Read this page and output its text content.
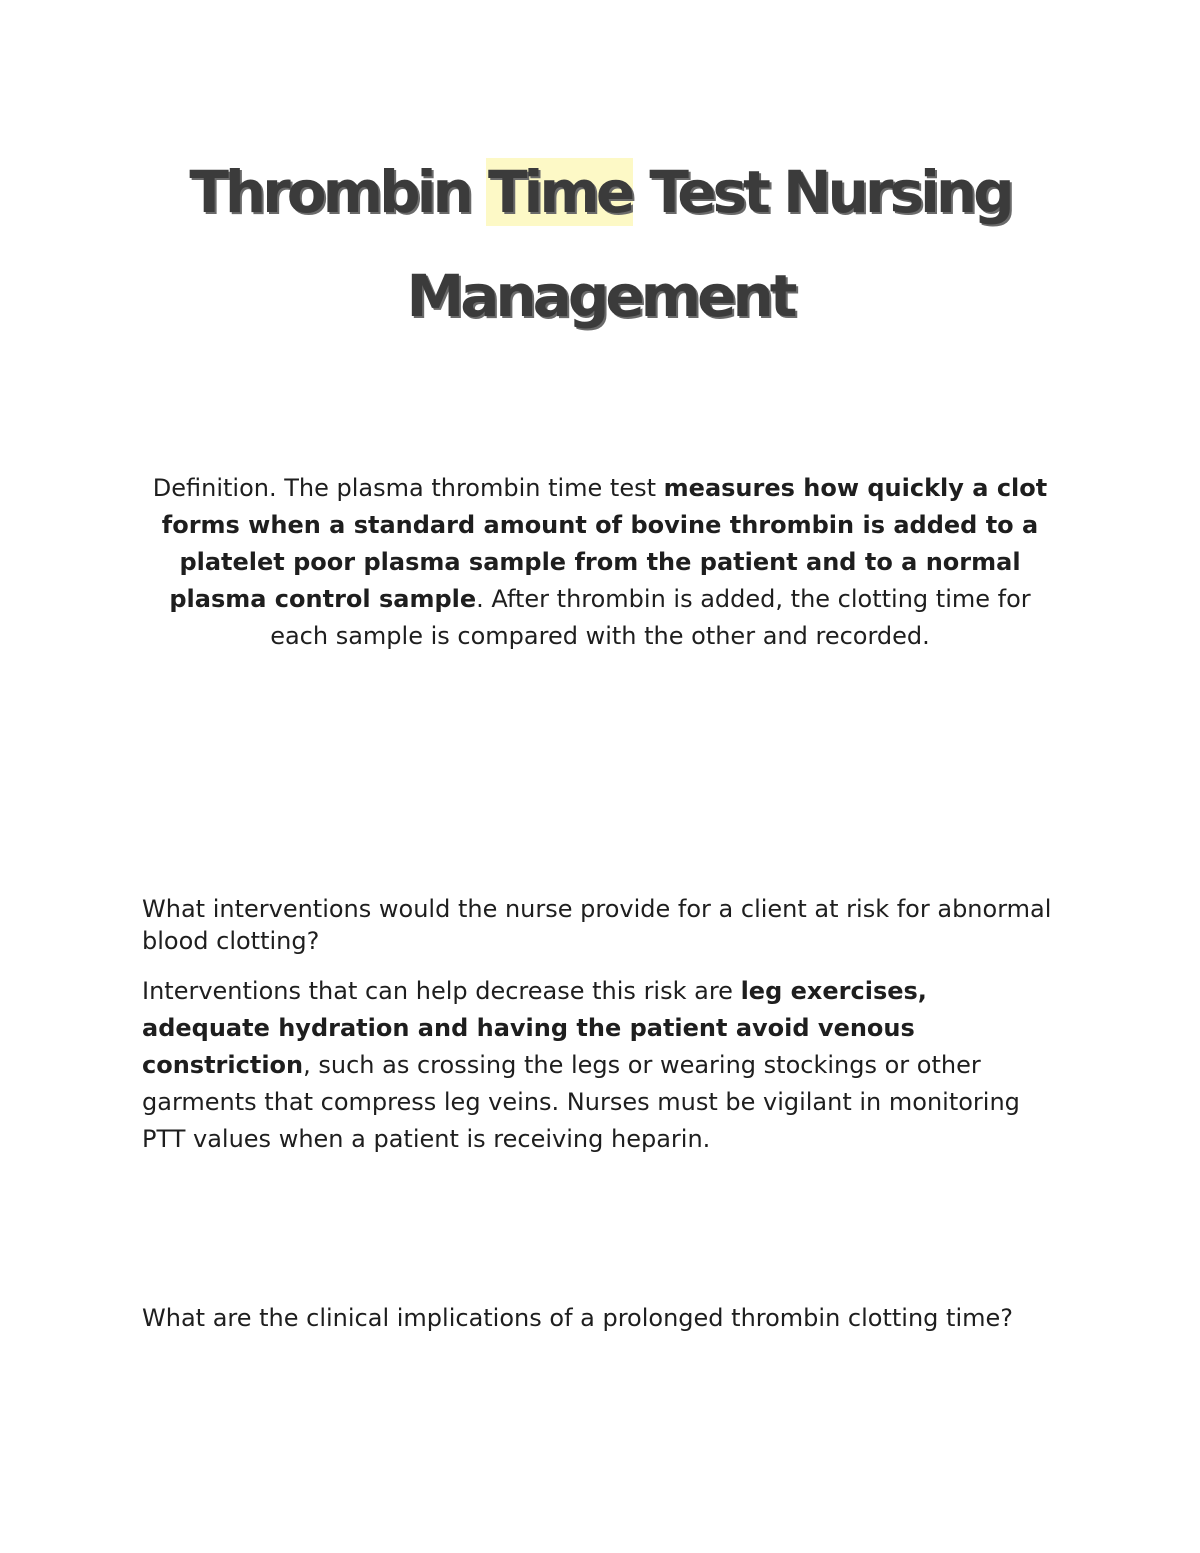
Thrombin Time Test Nursing Management

Definition. The plasma thrombin time test measures how quickly a clot forms when a standard amount of bovine thrombin is added to a platelet poor plasma sample from the patient and to a normal plasma control sample. After thrombin is added, the clotting time for each sample is compared with the other and recorded.

What interventions would the nurse provide for a client at risk for abnormal blood clotting?

Interventions that can help decrease this risk are leg exercises, adequate hydration and having the patient avoid venous constriction, such as crossing the legs or wearing stockings or other garments that compress leg veins. Nurses must be vigilant in monitoring PTT values when a patient is receiving heparin.

What are the clinical implications of a prolonged thrombin clotting time?
